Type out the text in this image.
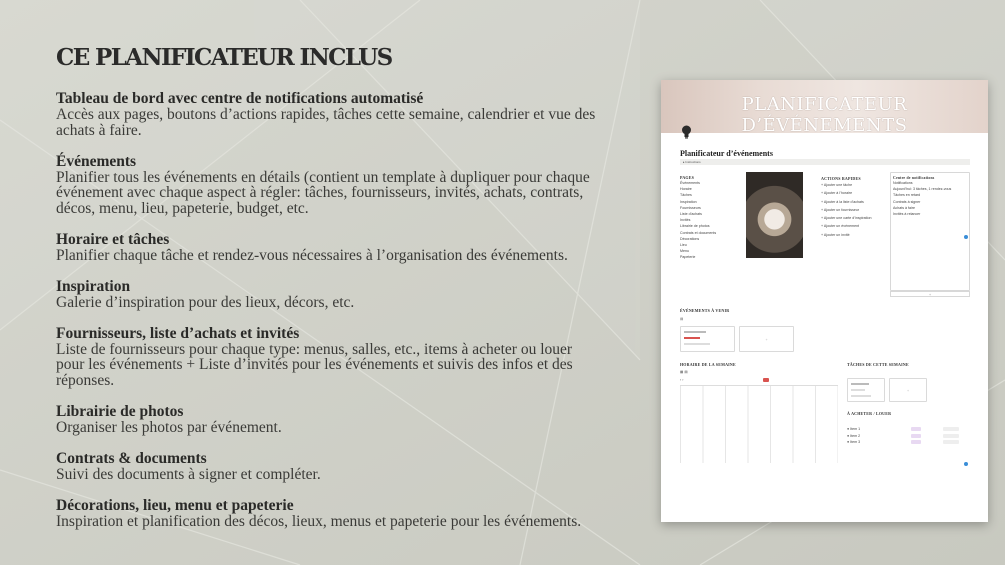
CE PLANIFICATEUR INCLUS
Tableau de bord avec centre de notifications automatisé
Accès aux pages, boutons d’actions rapides, tâches cette semaine, calendrier et vue des
achats à faire.
Événements
Planifier tous les événements en détails (contient un template à dupliquer pour chaque
événement avec chaque aspect à régler: tâches, fournisseurs, invités, achats, contrats,
décos, menu, lieu, papeterie, budget, etc.
Horaire et tâches
Planifier chaque tâche et rendez-vous nécessaires à l’organisation des événements.
Inspiration
Galerie d’inspiration pour des lieux, décors, etc.
Fournisseurs, liste d’achats et invités
Liste de fournisseurs pour chaque type: menus, salles, etc., items à acheter ou louer
pour les événements + Liste d’invités pour les événements et suivis des infos et des
réponses.
Librairie de photos
Organiser les photos par événement.
Contrats & documents
Suivi des documents à signer et compléter.
Décorations, lieu, menu et papeterie
Inspiration et planification des décos, lieux, menus et papeterie pour les événements.
PLANIFICATEUR D’ÉVÉNEMENTS
Planificateur d’événements
▸ Instructions
PAGES
Événements
Horaire
Tâches
Inspiration
Fournisseurs
Liste d’achats
Invités
Librairie de photos
Contrats et documents
Décorations
Lieu
Menu
Papeterie
ACTIONS RAPIDES
+ Ajouter une tâche
+ Ajouter à l’horaire
+ Ajouter à la liste d’achats
+ Ajouter un fournisseur
+ Ajouter une carte d’inspiration
+ Ajouter un événement
+ Ajouter un invité
Centre de notifications
Notifications
Aujourd’hui: 3 tâches, 1 rendez-vous
Tâches en retard
Contrats à signer
Achats à faire
Invités à relancer
+
ÉVÉNEMENTS À VENIR
▤
+
HORAIRE DE LA SEMAINE	TÂCHES DE CETTE SEMAINE
▦ ▤
‹ ›
+
À ACHETER / LOUER
● Item 1
● Item 2
● Item 3
